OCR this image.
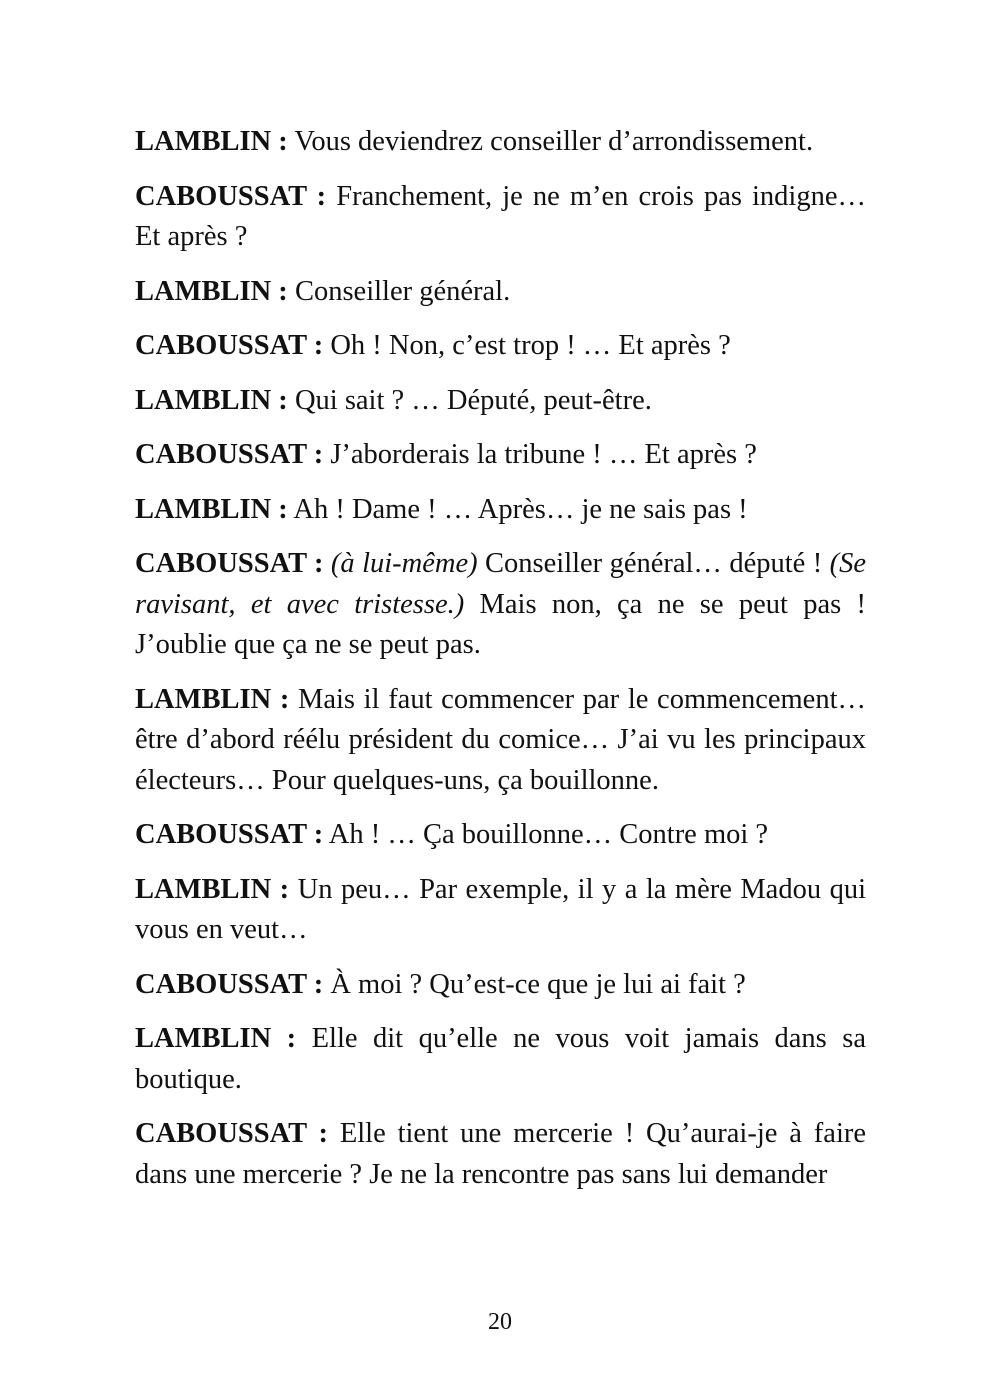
LAMBLIN : Vous deviendrez conseiller d’arrondissement.

CABOUSSAT : Franchement, je ne m’en crois pas indigne… Et après ?

LAMBLIN : Conseiller général.

CABOUSSAT : Oh ! Non, c’est trop ! … Et après ?

LAMBLIN : Qui sait ? … Député, peut-être.

CABOUSSAT : J’aborderais la tribune ! … Et après ?

LAMBLIN : Ah ! Dame ! … Après… je ne sais pas !

CABOUSSAT : (à lui-même) Conseiller général… député ! (Se ravisant, et avec tristesse.) Mais non, ça ne se peut pas ! J’oublie que ça ne se peut pas.

LAMBLIN : Mais il faut commencer par le commencement… être d’abord réélu président du comice… J’ai vu les principaux électeurs… Pour quelques-uns, ça bouillonne.

CABOUSSAT : Ah ! … Ça bouillonne… Contre moi ?

LAMBLIN : Un peu… Par exemple, il y a la mère Madou qui vous en veut…

CABOUSSAT : À moi ? Qu’est-ce que je lui ai fait ?

LAMBLIN : Elle dit qu’elle ne vous voit jamais dans sa boutique.

CABOUSSAT : Elle tient une mercerie ! Qu’aurai-je à faire dans une mercerie ? Je ne la rencontre pas sans lui demander

20
